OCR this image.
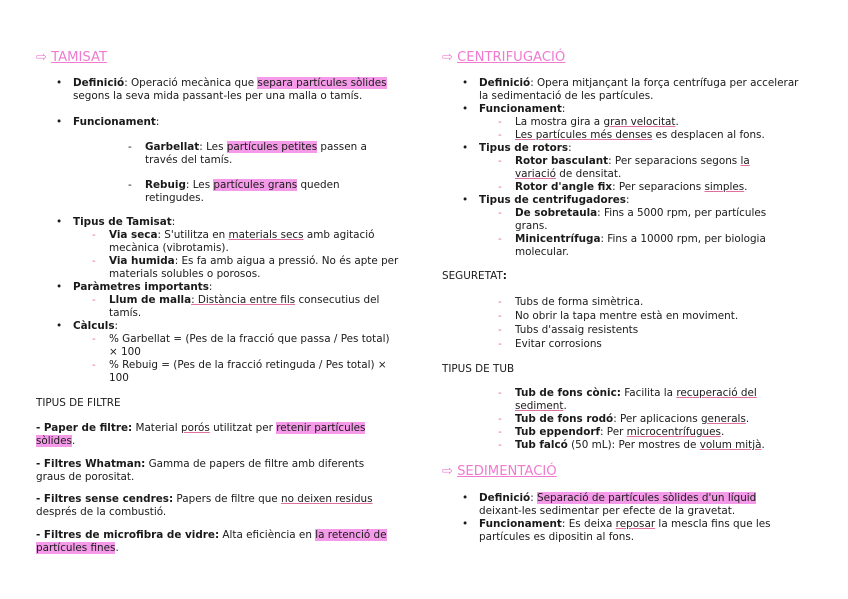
⇨ TAMISAT
• Definició: Operació mecànica que separa partícules sòlides segons la seva mida passant-les per una malla o tamís.
• Funcionament:
- Garbellat: Les partícules petites passen a través del tamís.
- Rebuig: Les partícules grans queden retingudes.
• Tipus de Tamisat:
- Via seca: S'utilitza en materials secs amb agitació mecànica (vibrotamis).
- Via humida: Es fa amb aigua a pressió. No és apte per materials solubles o porosos.
• Paràmetres importants:
- Llum de malla: Distància entre fils consecutius del tamís.
• Càlculs:
- % Garbellat = (Pes de la fracció que passa / Pes total) × 100
- % Rebuig = (Pes de la fracció retinguda / Pes total) × 100
TIPUS DE FILTRE
- Paper de filtre: Material porós utilitzat per retenir partícules sòlides.
- Filtres Whatman: Gamma de papers de filtre amb diferents graus de porositat.
- Filtres sense cendres: Papers de filtre que no deixen residus després de la combustió.
- Filtres de microfibra de vidre: Alta eficiència en la retenció de partícules fines.
⇨ CENTRIFUGACIÓ
• Definició: Opera mitjançant la força centrífuga per accelerar la sedimentació de les partícules.
• Funcionament:
- La mostra gira a gran velocitat.
- Les partícules més denses es desplacen al fons.
• Tipus de rotors:
- Rotor basculant: Per separacions segons la variació de densitat.
- Rotor d'angle fix: Per separacions simples.
• Tipus de centrifugadores:
- De sobretaula: Fins a 5000 rpm, per partícules grans.
- Minicentrífuga: Fins a 10000 rpm, per biologia molecular.
SEGURETAT:
- Tubs de forma simètrica.
- No obrir la tapa mentre està en moviment.
- Tubs d'assaig resistents
- Evitar corrosions
TIPUS DE TUB
- Tub de fons cònic: Facilita la recuperació del sediment.
- Tub de fons rodó: Per aplicacions generals.
- Tub eppendorf: Per microcentrífugues.
- Tub falcó (50 mL): Per mostres de volum mitjà.
⇨ SEDIMENTACIÓ
• Definició: Separació de partícules sòlides d'un líquid deixant-les sedimentar per efecte de la gravetat.
• Funcionament: Es deixa reposar la mescla fins que les partícules es dipositin al fons.
